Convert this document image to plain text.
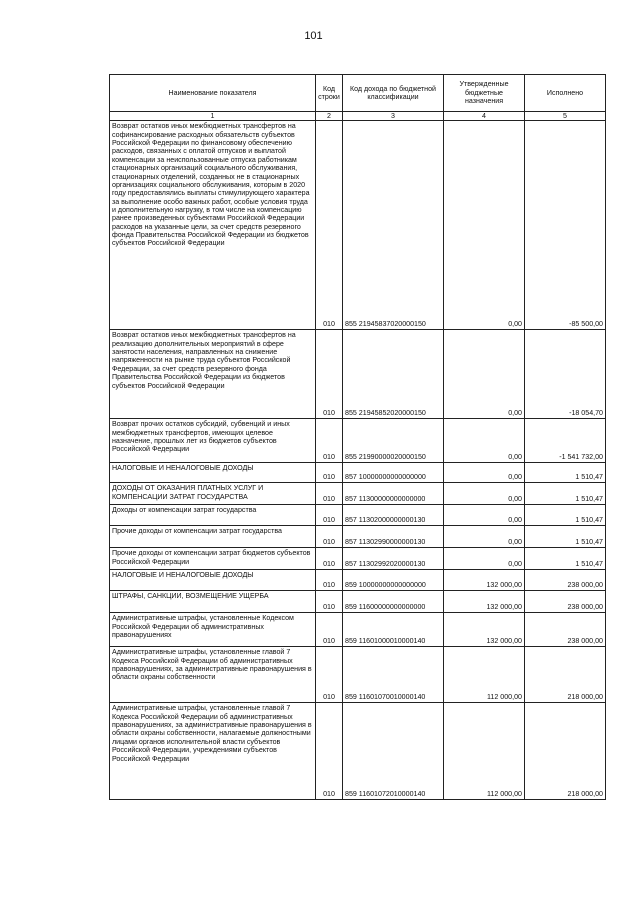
101
Наименование показателя	Код строки	Код дохода по бюджетной классификации	Утвержденные бюджетные назначения	Исполнено
1	2	3	4	5
Возврат остатков иных межбюджетных трансфертов на софинансирование расходных обязательств субъектов Российской Федерации по финансовому обеспечению расходов, связанных с оплатой отпусков и выплатой компенсации за неиспользованные отпуска работникам стационарных организаций социального обслуживания, стационарных отделений, созданных не в стационарных организациях социального обслуживания, которым в 2020 году предоставлялись выплаты стимулирующего характера за выполнение особо важных работ, особые условия труда и дополнительную нагрузку, в том числе на компенсацию ранее произведенных субъектами Российской Федерации расходов на указанные цели, за счет средств резервного фонда Правительства Российской Федерации из бюджетов субъектов Российской Федерации	010	855 21945837020000150	0,00	-85 500,00
Возврат остатков иных межбюджетных трансфертов на реализацию дополнительных мероприятий в сфере занятости населения, направленных на снижение напряженности на рынке труда субъектов Российской Федерации, за счет средств резервного фонда Правительства Российской Федерации из бюджетов субъектов Российской Федерации	010	855 21945852020000150	0,00	-18 054,70
Возврат прочих остатков субсидий, субвенций и иных межбюджетных трансфертов, имеющих целевое назначение, прошлых лет из бюджетов субъектов Российской Федерации	010	855 21990000020000150	0,00	-1 541 732,00
НАЛОГОВЫЕ И НЕНАЛОГОВЫЕ ДОХОДЫ	010	857 10000000000000000	0,00	1 510,47
ДОХОДЫ ОТ ОКАЗАНИЯ ПЛАТНЫХ УСЛУГ И КОМПЕНСАЦИИ ЗАТРАТ ГОСУДАРСТВА	010	857 11300000000000000	0,00	1 510,47
Доходы от компенсации затрат государства	010	857 11302000000000130	0,00	1 510,47
Прочие доходы от компенсации затрат государства	010	857 11302990000000130	0,00	1 510,47
Прочие доходы от компенсации затрат бюджетов субъектов Российской Федерации	010	857 11302992020000130	0,00	1 510,47
НАЛОГОВЫЕ И НЕНАЛОГОВЫЕ ДОХОДЫ	010	859 10000000000000000	132 000,00	238 000,00
ШТРАФЫ, САНКЦИИ, ВОЗМЕЩЕНИЕ УЩЕРБА	010	859 11600000000000000	132 000,00	238 000,00
Административные штрафы, установленные Кодексом Российской Федерации об административных правонарушениях	010	859 11601000010000140	132 000,00	238 000,00
Административные штрафы, установленные главой 7 Кодекса Российской Федерации об административных правонарушениях, за административные правонарушения в области охраны собственности	010	859 11601070010000140	112 000,00	218 000,00
Административные штрафы, установленные главой 7 Кодекса Российской Федерации об административных правонарушениях, за административные правонарушения в области охраны собственности, налагаемые должностными лицами органов исполнительной власти субъектов Российской Федерации, учреждениями субъектов Российской Федерации	010	859 11601072010000140	112 000,00	218 000,00
